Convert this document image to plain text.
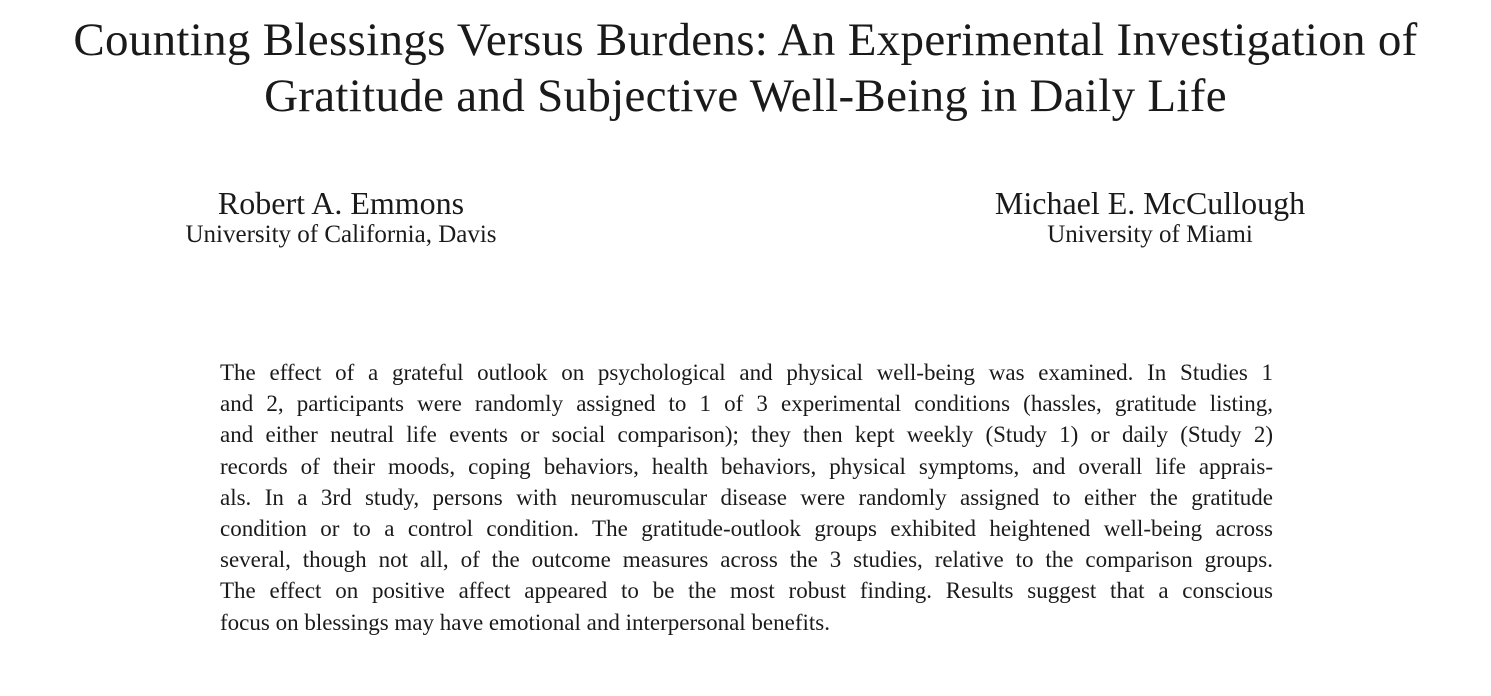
Counting Blessings Versus Burdens: An Experimental Investigation of
Gratitude and Subjective Well-Being in Daily Life
Robert A. Emmons
University of California, Davis
Michael E. McCullough
University of Miami
The effect of a grateful outlook on psychological and physical well-being was examined. In Studies 1
and 2, participants were randomly assigned to 1 of 3 experimental conditions (hassles, gratitude listing,
and either neutral life events or social comparison); they then kept weekly (Study 1) or daily (Study 2)
records of their moods, coping behaviors, health behaviors, physical symptoms, and overall life apprais-
als. In a 3rd study, persons with neuromuscular disease were randomly assigned to either the gratitude
condition or to a control condition. The gratitude-outlook groups exhibited heightened well-being across
several, though not all, of the outcome measures across the 3 studies, relative to the comparison groups.
The effect on positive affect appeared to be the most robust finding. Results suggest that a conscious
focus on blessings may have emotional and interpersonal benefits.
